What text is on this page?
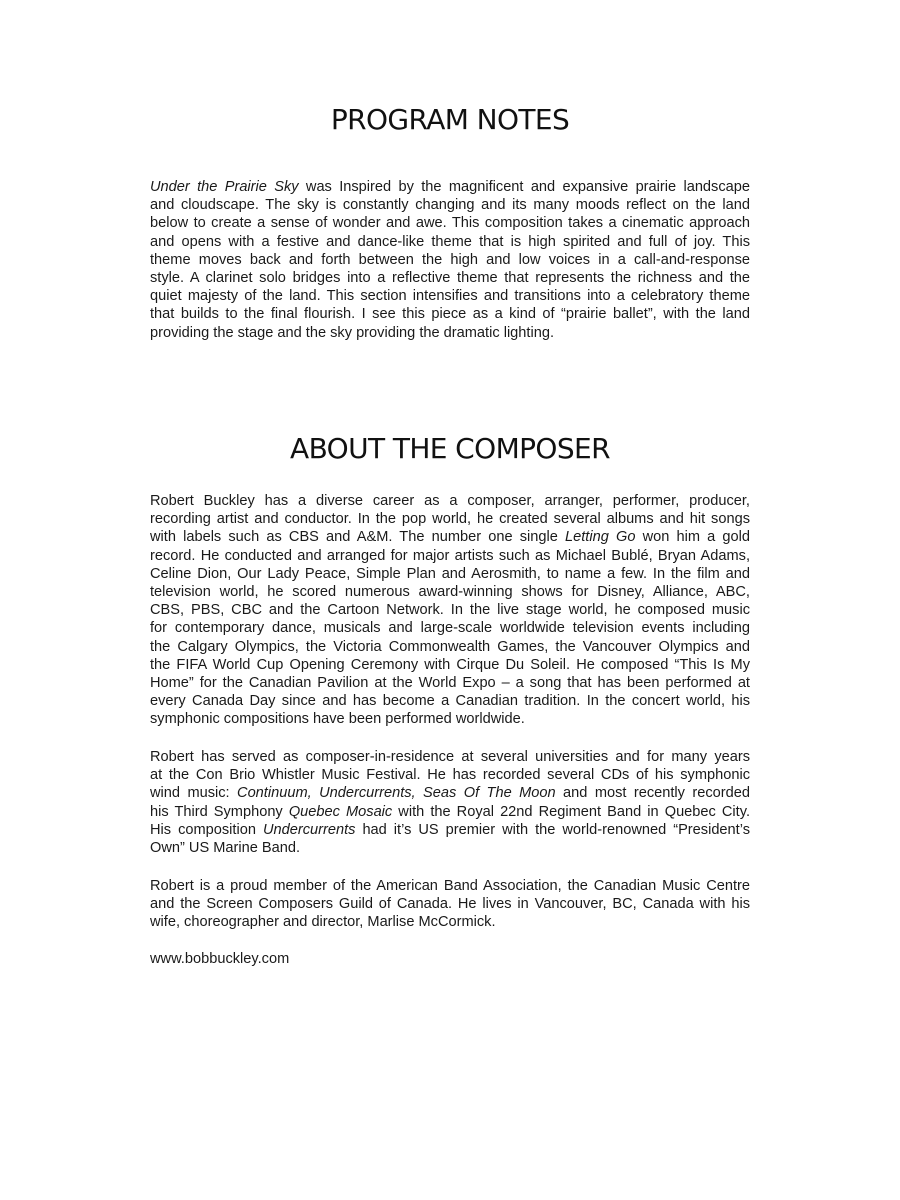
PROGRAM NOTES
Under the Prairie Sky was Inspired by the magnificent and expansive prairie landscape
and cloudscape. The sky is constantly changing and its many moods reflect on the land
below to create a sense of wonder and awe. This composition takes a cinematic approach
and opens with a festive and dance-like theme that is high spirited and full of joy. This
theme moves back and forth between the high and low voices in a call-and-response
style. A clarinet solo bridges into a reflective theme that represents the richness and the
quiet majesty of the land. This section intensifies and transitions into a celebratory theme
that builds to the final flourish. I see this piece as a kind of “prairie ballet”, with the land
providing the stage and the sky providing the dramatic lighting.
ABOUT THE COMPOSER
Robert Buckley has a diverse career as a composer, arranger, performer, producer,
recording artist and conductor. In the pop world, he created several albums and hit songs
with labels such as CBS and A&M. The number one single Letting Go won him a gold
record. He conducted and arranged for major artists such as Michael Bublé, Bryan Adams,
Celine Dion, Our Lady Peace, Simple Plan and Aerosmith, to name a few. In the film and
television world, he scored numerous award-winning shows for Disney, Alliance, ABC,
CBS, PBS, CBC and the Cartoon Network. In the live stage world, he composed music
for contemporary dance, musicals and large-scale worldwide television events including
the Calgary Olympics, the Victoria Commonwealth Games, the Vancouver Olympics and
the FIFA World Cup Opening Ceremony with Cirque Du Soleil. He composed “This Is My
Home” for the Canadian Pavilion at the World Expo – a song that has been performed at
every Canada Day since and has become a Canadian tradition. In the concert world, his
symphonic compositions have been performed worldwide.
Robert has served as composer-in-residence at several universities and for many years
at the Con Brio Whistler Music Festival. He has recorded several CDs of his symphonic
wind music: Continuum, Undercurrents, Seas Of The Moon and most recently recorded
his Third Symphony Quebec Mosaic with the Royal 22nd Regiment Band in Quebec City.
His composition Undercurrents had it’s US premier with the world-renowned “President’s
Own” US Marine Band.
Robert is a proud member of the American Band Association, the Canadian Music Centre
and the Screen Composers Guild of Canada. He lives in Vancouver, BC, Canada with his
wife, choreographer and director, Marlise McCormick.
www.bobbuckley.com
